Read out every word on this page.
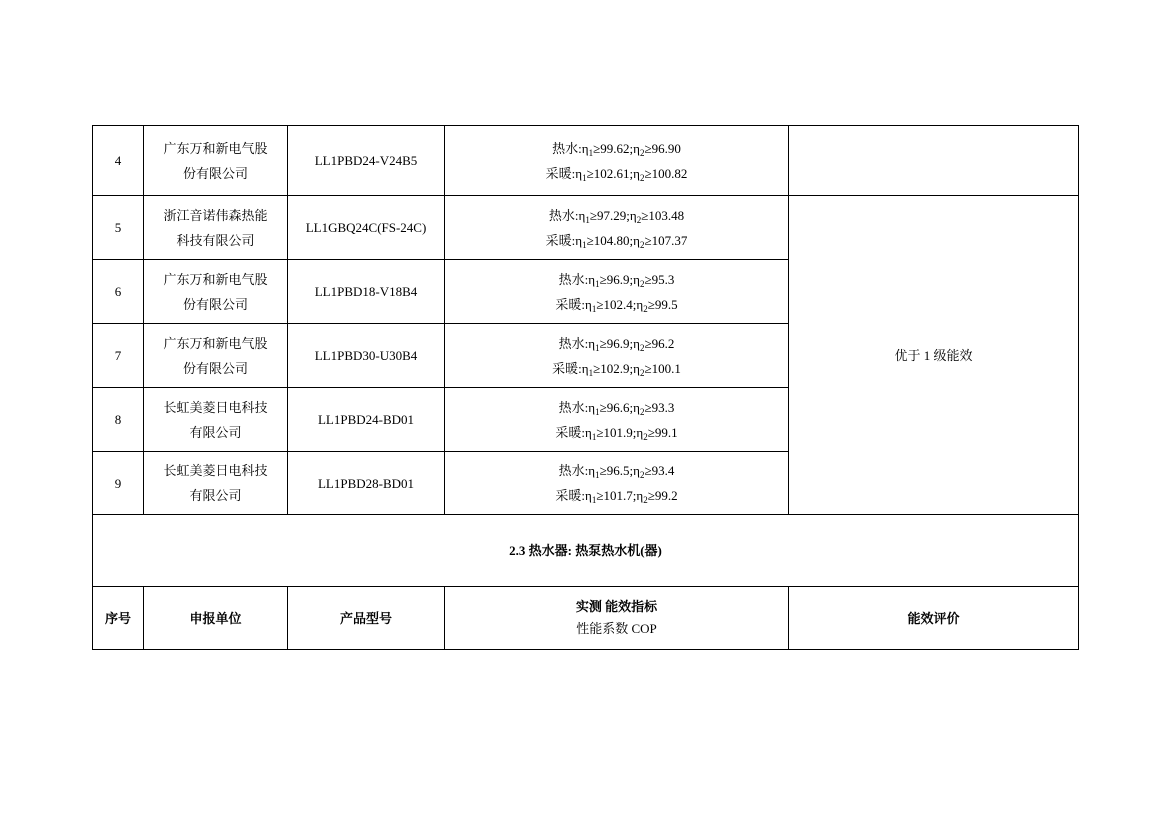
4	广东万和新电气股
份有限公司	LL1PBD24-V24B5	热水$:\eta_1\ge 99.62;\eta_2\ge 96.90$
采暖$:\eta_1\ge 102.61;\eta_2\ge 100.82$	

5	浙江音诺伟森热能
科技有限公司	LL1GBQ24C(FS-24C)	热水$:\eta_1\ge 97.29;\eta_2\ge 103.48$
采暖$:\eta_1\ge 104.80;\eta_2\ge 107.37$	优于 1 级能效
6	广东万和新电气股
份有限公司	LL1PBD18-V18B4	热水$:\eta_1\ge 96.9;\eta_2\ge 95.3$
采暖$:\eta_1\ge 102.4;\eta_2\ge 99.5$	

7	广东万和新电气股
份有限公司	LL1PBD30-U30B4	热水$:\eta_1\ge 96.9;\eta_2\ge 96.2$
采暖$:\eta_1\ge 102.9;\eta_2\ge 100.1$	

8	长虹美菱日电科技
有限公司	LL1PBD24-BD01	热水$:\eta_1\ge 96.6;\eta_2\ge 93.3$
采暖$:\eta_1\ge 101.9;\eta_2\ge 99.1$	

9	长虹美菱日电科技
有限公司	LL1PBD28-BD01	热水$:\eta_1\ge 96.5;\eta_2\ge 93.4$
采暖$:\eta_1\ge 101.7;\eta_2\ge 99.2$	

2.3 热水器: 热泵热水机(器)				
序号	申报单位	产品型号	实测 能效指标
性能系数 COP	能效评价
